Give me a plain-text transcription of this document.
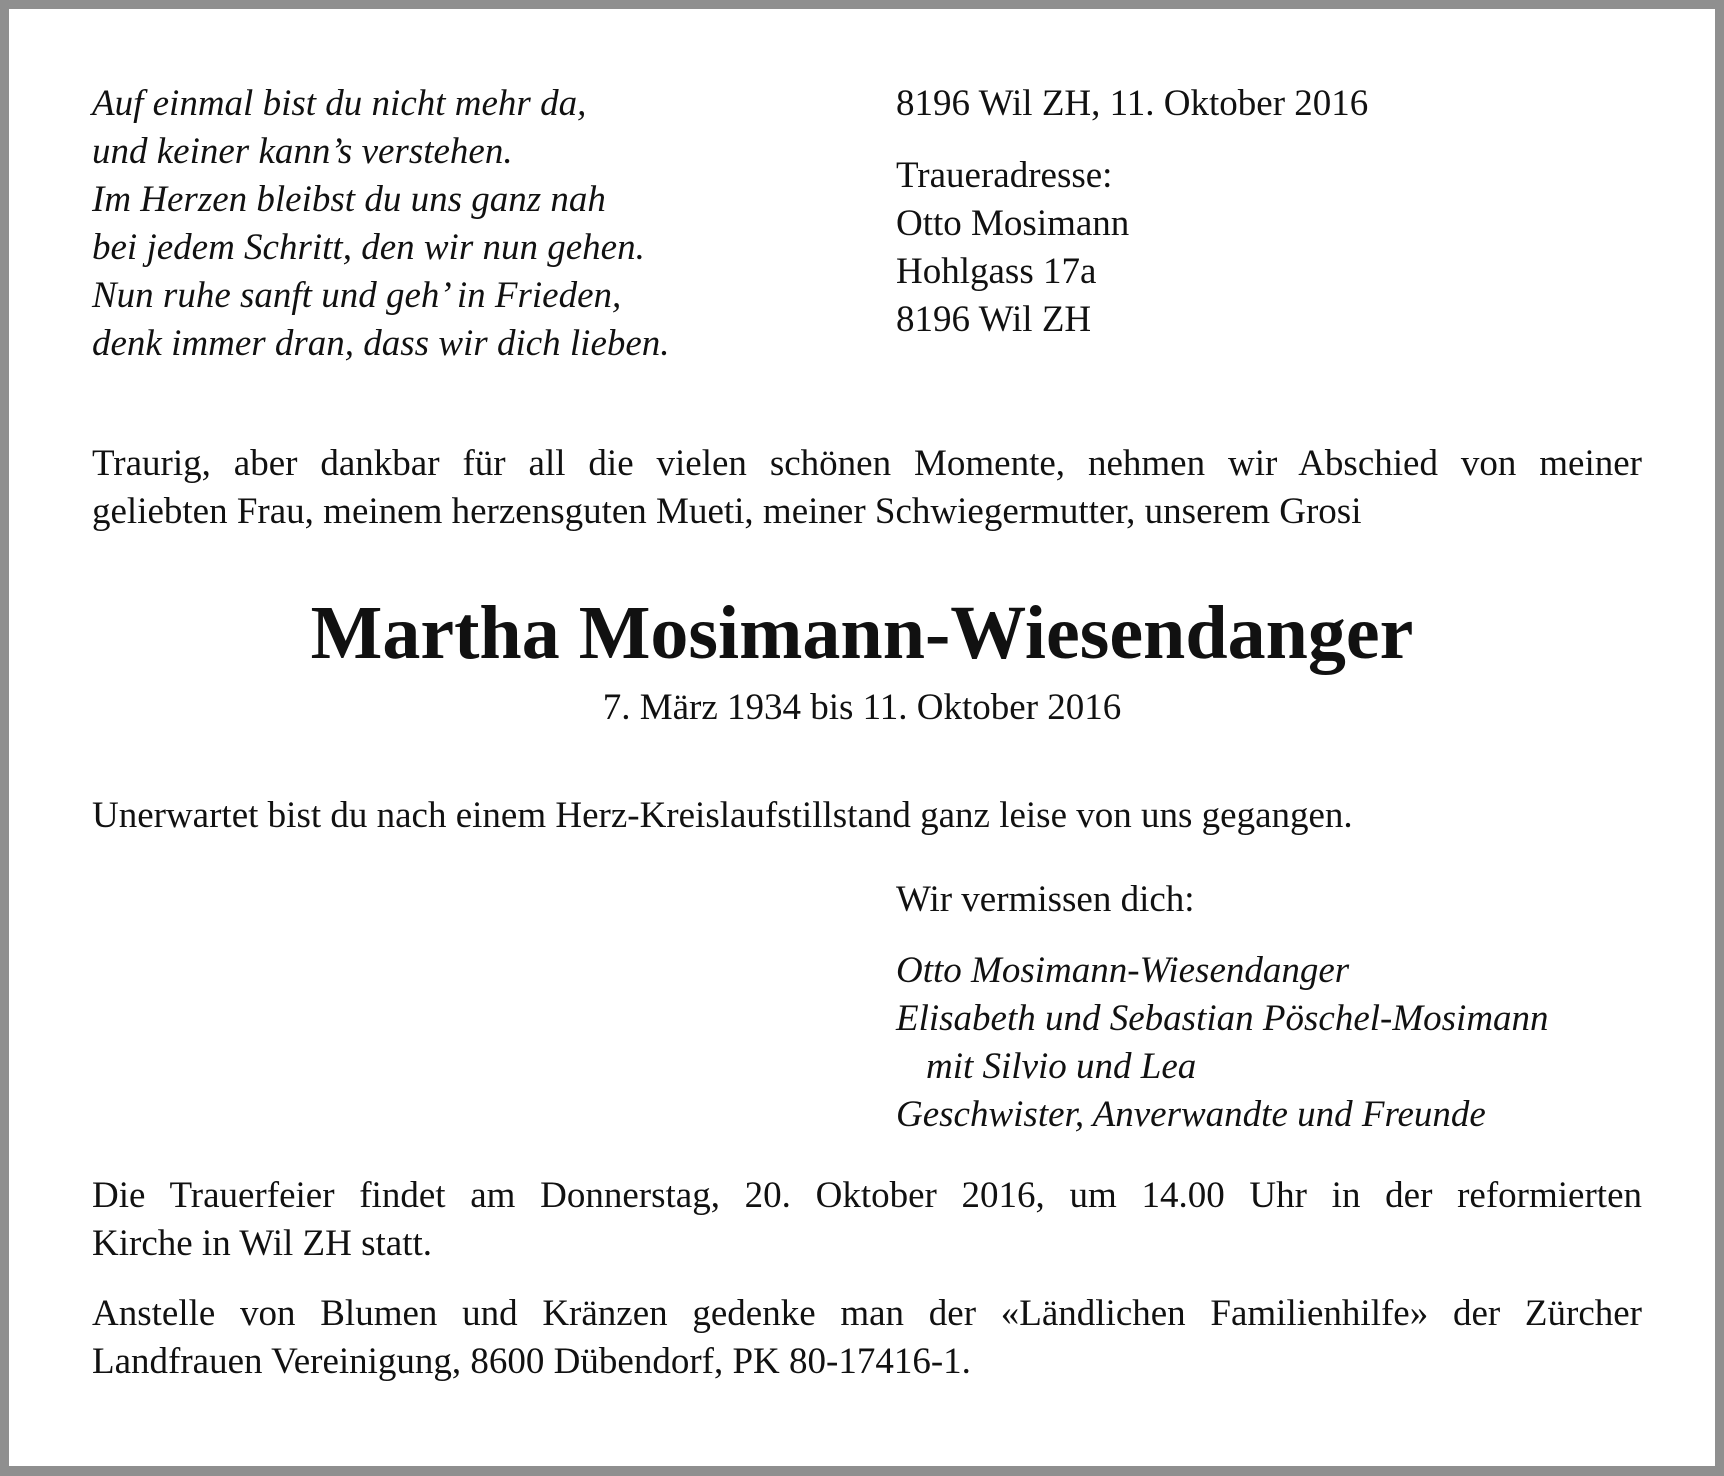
Auf einmal bist du nicht mehr da,
und keiner kann’s verstehen.
Im Herzen bleibst du uns ganz nah
bei jedem Schritt, den wir nun gehen.
Nun ruhe sanft und geh’ in Frieden,
denk immer dran, dass wir dich lieben.
8196 Wil ZH, 11. Oktober 2016
Traueradresse:
Otto Mosimann
Hohlgass 17a
8196 Wil ZH
Traurig, aber dankbar für all die vielen schönen Momente, nehmen wir Abschied von meiner
geliebten Frau, meinem herzensguten Mueti, meiner Schwiegermutter, unserem Grosi
Martha Mosimann-Wiesendanger
7. März 1934 bis 11. Oktober 2016
Unerwartet bist du nach einem Herz-Kreislaufstillstand ganz leise von uns gegangen.
Wir vermissen dich:
Otto Mosimann-Wiesendanger
Elisabeth und Sebastian Pöschel-Mosimann
mit Silvio und Lea
Geschwister, Anverwandte und Freunde
Die Trauerfeier findet am Donnerstag, 20. Oktober 2016, um 14.00 Uhr in der reformierten
Kirche in Wil ZH statt.
Anstelle von Blumen und Kränzen gedenke man der «Ländlichen Familienhilfe» der Zürcher
Landfrauen Vereinigung, 8600 Dübendorf, PK 80-17416-1.
